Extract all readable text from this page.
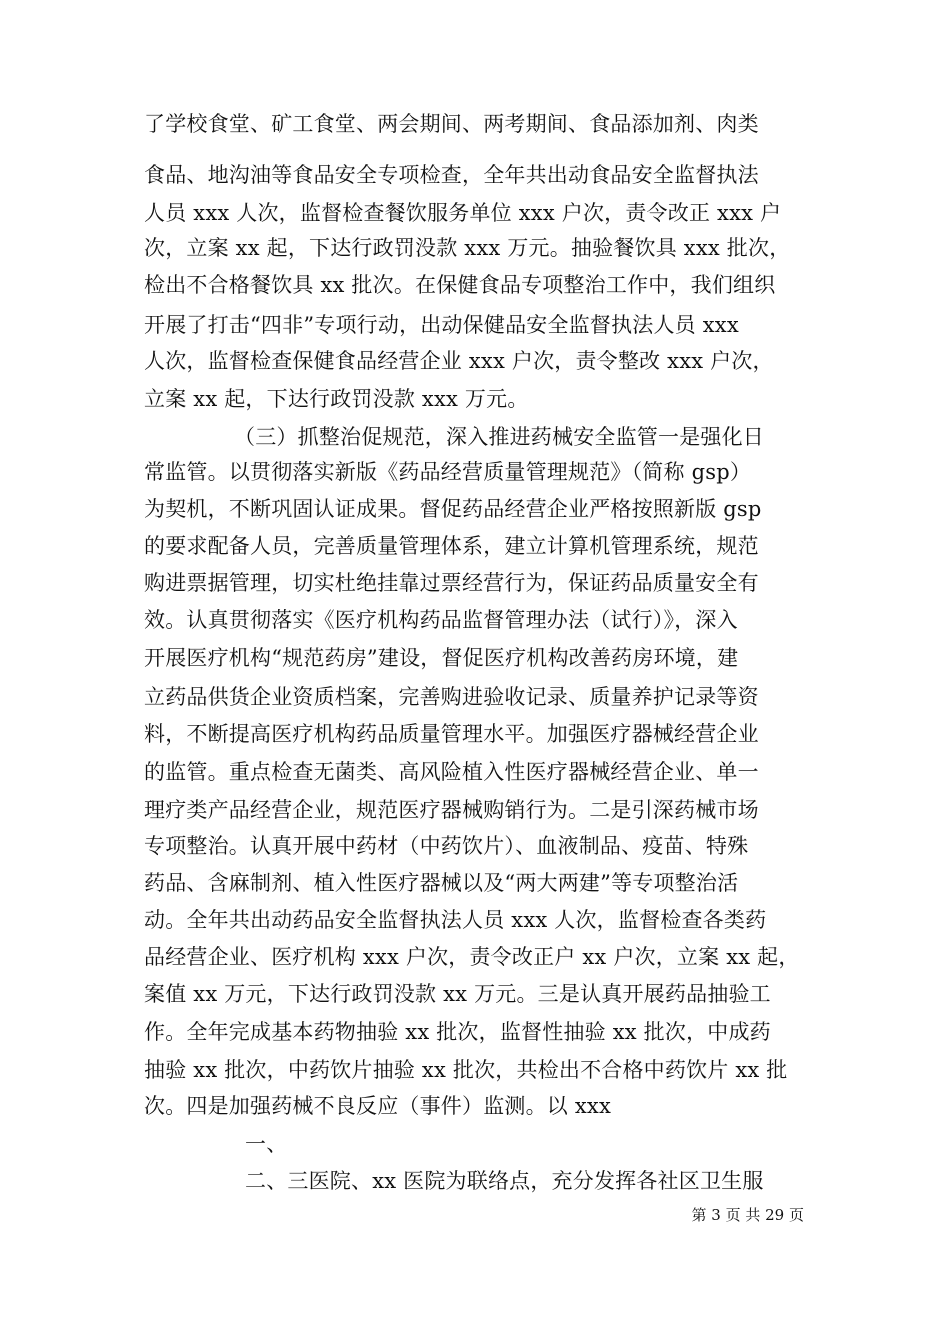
了学校食堂、矿工食堂、两会期间、两考期间、食品添加剂、肉类
食品、地沟油等食品安全专项检查，全年共出动食品安全监督执法
人员 xxx 人次，监督检查餐饮服务单位 xxx 户次，责令改正 xxx 户
次，立案 xx 起，下达行政罚没款 xxx 万元。抽验餐饮具 xxx 批次，
检出不合格餐饮具 xx 批次。在保健食品专项整治工作中，我们组织
开展了打击“四非”专项行动，出动保健品安全监督执法人员 xxx
人次，监督检查保健食品经营企业 xxx 户次，责令整改 xxx 户次，
立案 xx 起，下达行政罚没款 xxx 万元。
（三）抓整治促规范，深入推进药械安全监管一是强化日
常监管。以贯彻落实新版《药品经营质量管理规范》（简称 gsp）
为契机，不断巩固认证成果。督促药品经营企业严格按照新版 gsp
的要求配备人员，完善质量管理体系，建立计算机管理系统，规范
购进票据管理，切实杜绝挂靠过票经营行为，保证药品质量安全有
效。认真贯彻落实《医疗机构药品监督管理办法（试行）》，深入
开展医疗机构“规范药房”建设，督促医疗机构改善药房环境，建
立药品供货企业资质档案，完善购进验收记录、质量养护记录等资
料，不断提高医疗机构药品质量管理水平。加强医疗器械经营企业
的监管。重点检查无菌类、高风险植入性医疗器械经营企业、单一
理疗类产品经营企业，规范医疗器械购销行为。二是引深药械市场
专项整治。认真开展中药材（中药饮片）、血液制品、疫苗、特殊
药品、含麻制剂、植入性医疗器械以及“两大两建”等专项整治活
动。全年共出动药品安全监督执法人员 xxx 人次，监督检查各类药
品经营企业、医疗机构 xxx 户次，责令改正户 xx 户次，立案 xx 起，
案值 xx 万元，下达行政罚没款 xx 万元。三是认真开展药品抽验工
作。全年完成基本药物抽验 xx 批次，监督性抽验 xx 批次，中成药
抽验 xx 批次，中药饮片抽验 xx 批次，共检出不合格中药饮片 xx 批
次。四是加强药械不良反应（事件）监测。以 xxx
一、
二、三医院、xx 医院为联络点，充分发挥各社区卫生服
第 3 页 共 29 页
